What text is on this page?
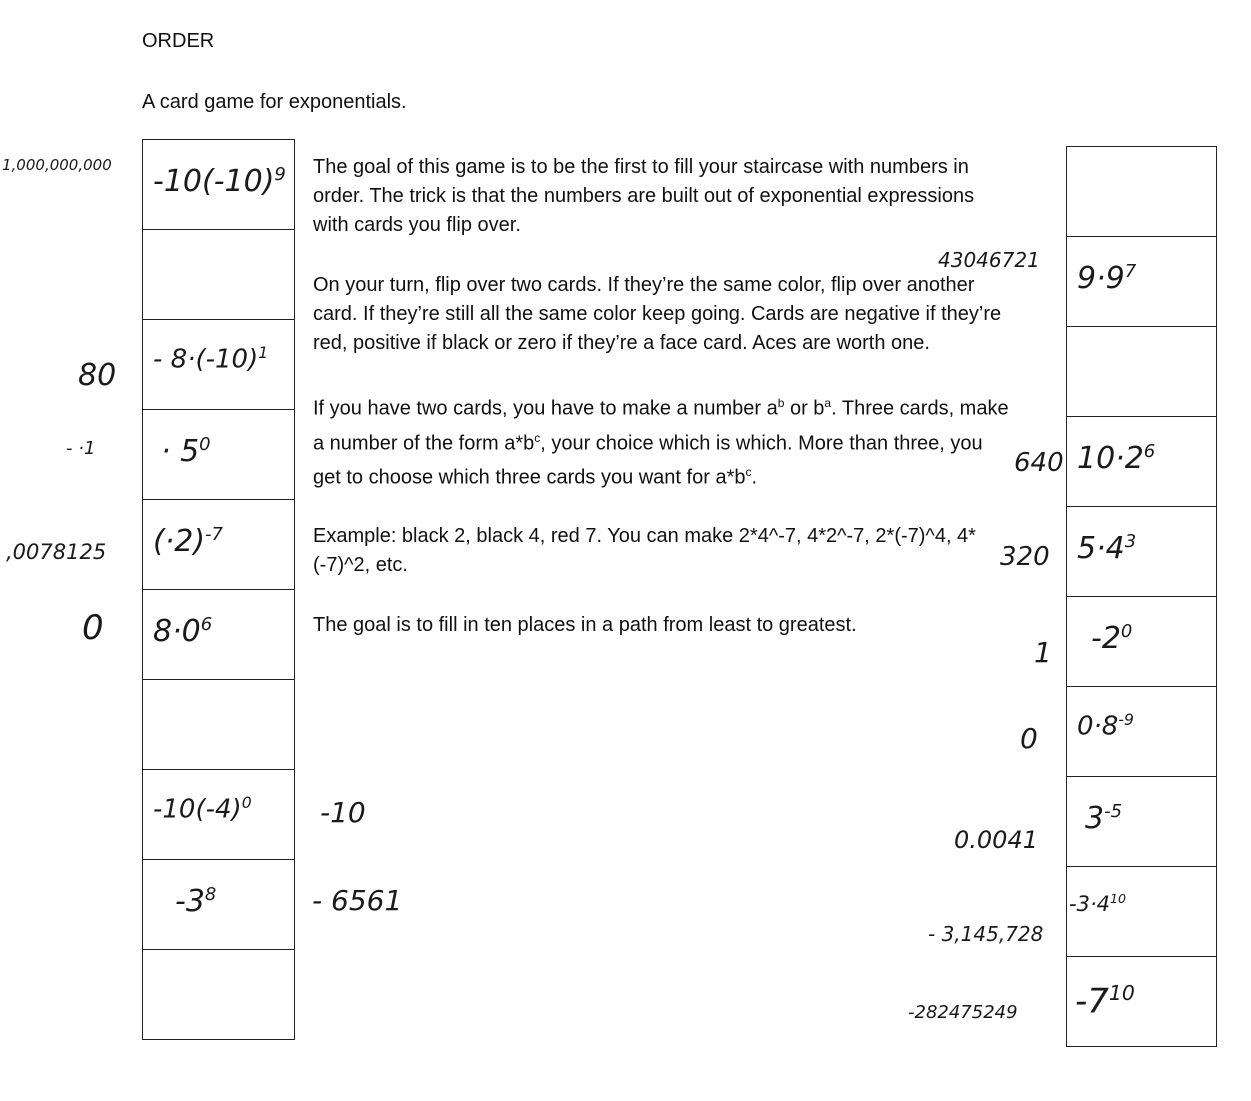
ORDER
A card game for exponentials.

The goal of this game is to be the first to fill your staircase with numbers in order. The trick is that the numbers are built out of exponential expressions with cards you flip over.

On your turn, flip over two cards. If they’re the same color, flip over another card. If they’re still all the same color keep going. Cards are negative if they’re red, positive if black or zero if they’re a face card. Aces are worth one.

If you have two cards, you have to make a number $a^b$ or $b^a$. Three cards, make a number of the form $a*b^c$, your choice which is which. More than three, you get to choose which three cards you want for $a*b^c$.

Example: black 2, black 4, red 7. You can make 2*4^-7, 4*2^-7, 2*(-7)^4, 4*(-7)^2, etc.

The goal is to fill in ten places in a path from least to greatest.

$-10(-10)^9$
- $8\cdot(-10)^1$
· $5^0$
$(\cdot 2)^{-7}$
$8\cdot 0^6$
$-10(-4)^0$
$-3^8$
1,000,000,000
80
- ·1
,0078125
0
-10
- 6561
$9\cdot 9^7$
$10\cdot 2^6$
$5\cdot 4^3$
$-2^0$
$0\cdot 8^{-9}$
$3^{-5}$
$-3\cdot 4^{10}$
$-7^{10}$
43046721
640
320
1
0
0.0041
- 3,145,728
-282475249
